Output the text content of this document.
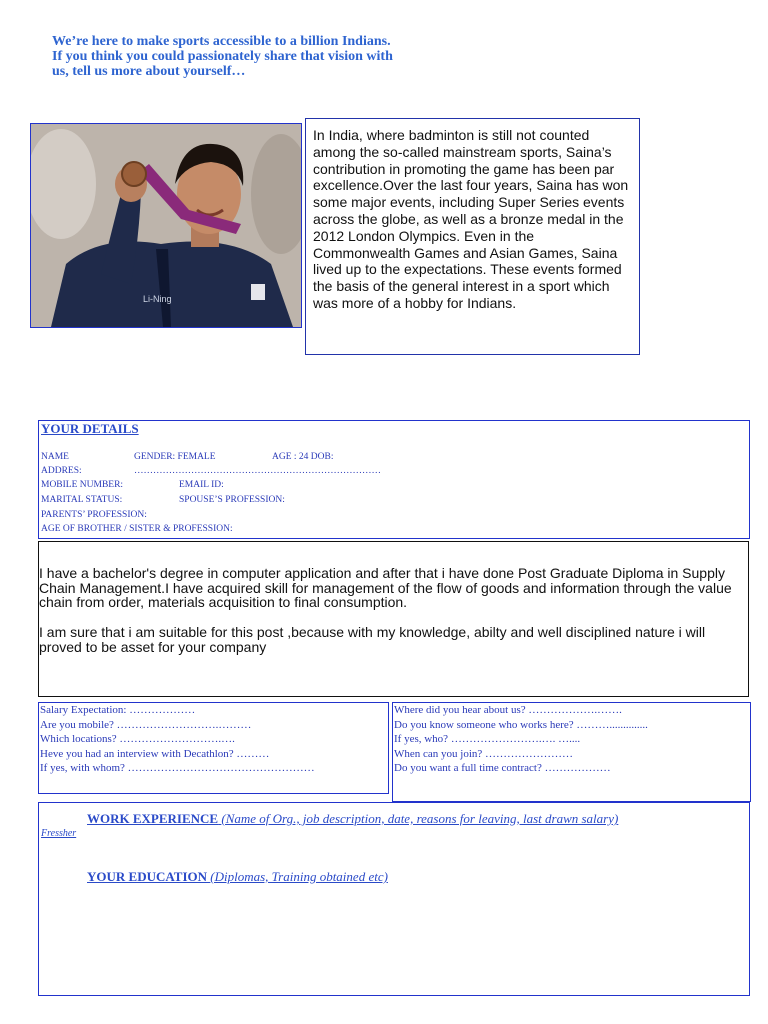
We’re here to make sports accessible to a billion Indians.
If you think you could passionately share that vision with
us, tell us more about yourself…
Li-Ning
In India, where badminton is still not counted among the so-called mainstream sports, Saina’s contribution in promoting the game has been par excellence.Over the last four years, Saina has won some major events, including Super Series events across the globe, as well as a bronze medal in the 2012 London Olympics. Even in the Commonwealth Games and Asian Games, Saina lived up to the expectations. These events formed the basis of the general interest in a sport which was more of a hobby for Indians.
YOUR DETAILS
NAME	GENDER: FEMALE	AGE : 24 DOB:
ADDRES:	……………………………………………………………………
MOBILE NUMBER:	EMAIL ID:
MARITAL STATUS:	SPOUSE’S PROFESSION:
PARENTS’ PROFESSION:
AGE OF BROTHER / SISTER & PROFESSION:

I have a bachelor's degree in computer application and after that i have done Post Graduate Diploma in Supply Chain Management.I have acquired skill for management of the flow of goods and information through the value chain from order, materials acquisition to final consumption.

I am sure that i am suitable for this post ,because with my knowledge, abilty and well disciplined nature i will proved to be asset for your company

Salary Expectation: ………………
Are you mobile? ……………………….………
Which locations? ……………………….….
Heve you had an interview with Decathlon? ………
If yes, with whom? ……………………………………………
Where did you hear about us? ……………….…….
Do you know someone who works here? ………..............
If yes, who? …………………….…. …....
When can you join? ……………………
Do you want a full time contract? ………………
WORK EXPERIENCE (Name of Org., job description, date, reasons for leaving, last drawn salary)
Fressher
YOUR EDUCATION (Diplomas, Training obtained etc)
